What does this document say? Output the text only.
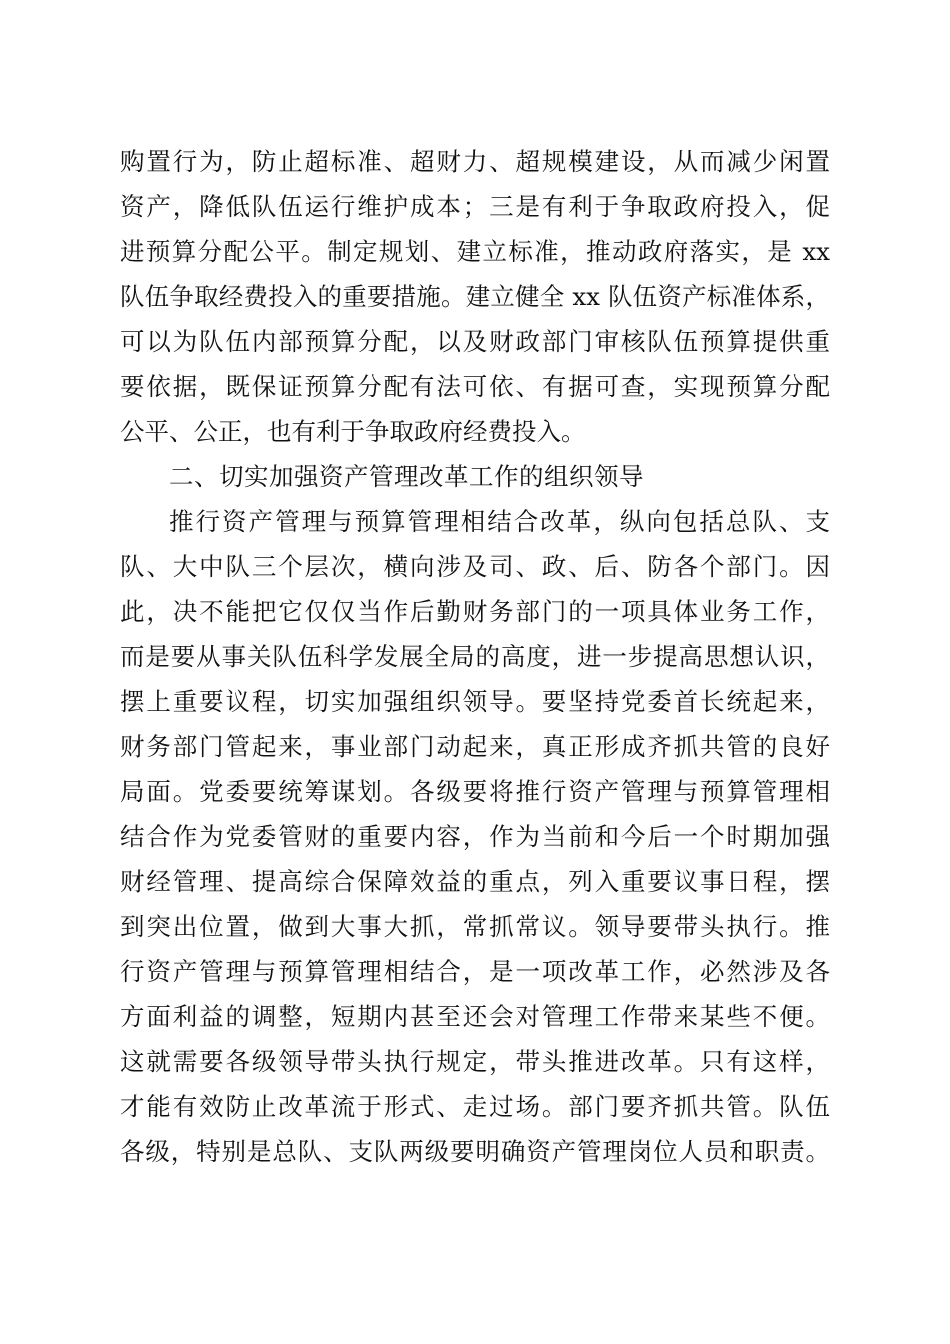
购置行为，防止超标准、超财力、超规模建设，从而减少闲置
资产，降低队伍运行维护成本；三是有利于争取政府投入，促
进预算分配公平。制定规划、建立标准，推动政府落实，是 xx
队伍争取经费投入的重要措施。建立健全 xx 队伍资产标准体系，
可以为队伍内部预算分配，以及财政部门审核队伍预算提供重
要依据，既保证预算分配有法可依、有据可查，实现预算分配
公平、公正，也有利于争取政府经费投入。
二、切实加强资产管理改革工作的组织领导
推行资产管理与预算管理相结合改革，纵向包括总队、支
队、大中队三个层次，横向涉及司、政、后、防各个部门。因
此，决不能把它仅仅当作后勤财务部门的一项具体业务工作，
而是要从事关队伍科学发展全局的高度，进一步提高思想认识，
摆上重要议程，切实加强组织领导。要坚持党委首长统起来，
财务部门管起来，事业部门动起来，真正形成齐抓共管的良好
局面。党委要统筹谋划。各级要将推行资产管理与预算管理相
结合作为党委管财的重要内容，作为当前和今后一个时期加强
财经管理、提高综合保障效益的重点，列入重要议事日程，摆
到突出位置，做到大事大抓，常抓常议。领导要带头执行。推
行资产管理与预算管理相结合，是一项改革工作，必然涉及各
方面利益的调整，短期内甚至还会对管理工作带来某些不便。
这就需要各级领导带头执行规定，带头推进改革。只有这样，
才能有效防止改革流于形式、走过场。部门要齐抓共管。队伍
各级，特别是总队、支队两级要明确资产管理岗位人员和职责。
